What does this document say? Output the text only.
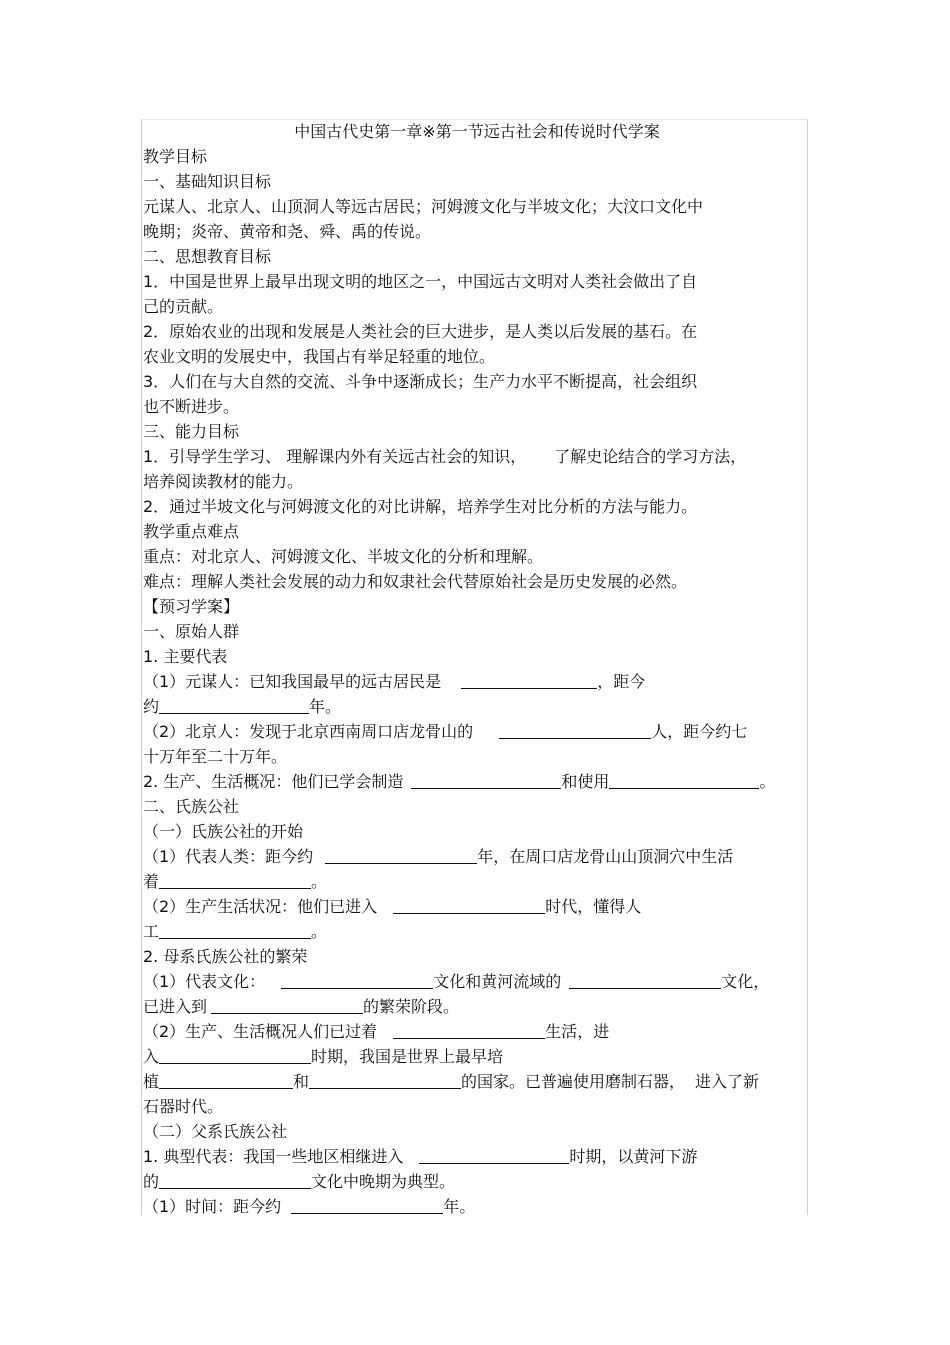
中国古代史第一章※第一节远古社会和传说时代学案
教学目标
一、基础知识目标
元谋人、北京人、山顶洞人等远古居民；河姆渡文化与半坡文化；大汶口文化中
晚期；炎帝、黄帝和尧、舜、禹的传说。
二、思想教育目标
1．中国是世界上最早出现文明的地区之一，中国远古文明对人类社会做出了自
己的贡献。
2．原始农业的出现和发展是人类社会的巨大进步，是人类以后发展的基石。在
农业文明的发展史中，我国占有举足轻重的地位。
3．人们在与大自然的交流、斗争中逐渐成长；生产力水平不断提高，社会组织
也不断进步。
三、能力目标
1．引导学生学习、 理解课内外有关远古社会的知识， 了解史论结合的学习方法，
培养阅读教材的能力。
2．通过半坡文化与河姆渡文化的对比讲解，培养学生对比分析的方法与能力。
教学重点难点
重点：对北京人、河姆渡文化、半坡文化的分析和理解。
难点：理解人类社会发展的动力和奴隶社会代替原始社会是历史发展的必然。
【预习学案】
一、原始人群
1. 主要代表
（1）元谋人：已知我国最早的远古居民是	，距今
约	年。
（2）北京人：发现于北京西南周口店龙骨山的	人，距今约七
十万年至二十万年。
2. 生产、生活概况：他们已学会制造	和使用	。
二、氏族公社
（一）氏族公社的开始
（1）代表人类：距今约	年，在周口店龙骨山山顶洞穴中生活
着	。
（2）生产生活状况：他们已进入	时代，懂得人
工	。
2. 母系氏族公社的繁荣
（1）代表文化：	文化和黄河流域的	文化，
已进入到	的繁荣阶段。
（2）生产、生活概况人们已过着	生活，进
入	时期，我国是世界上最早培
植	和	的国家。已普遍使用磨制石器， 进入了新
石器时代。
（二）父系氏族公社
1. 典型代表：我国一些地区相继进入	时期，以黄河下游
的	文化中晚期为典型。
（1）时间：距今约	年。
